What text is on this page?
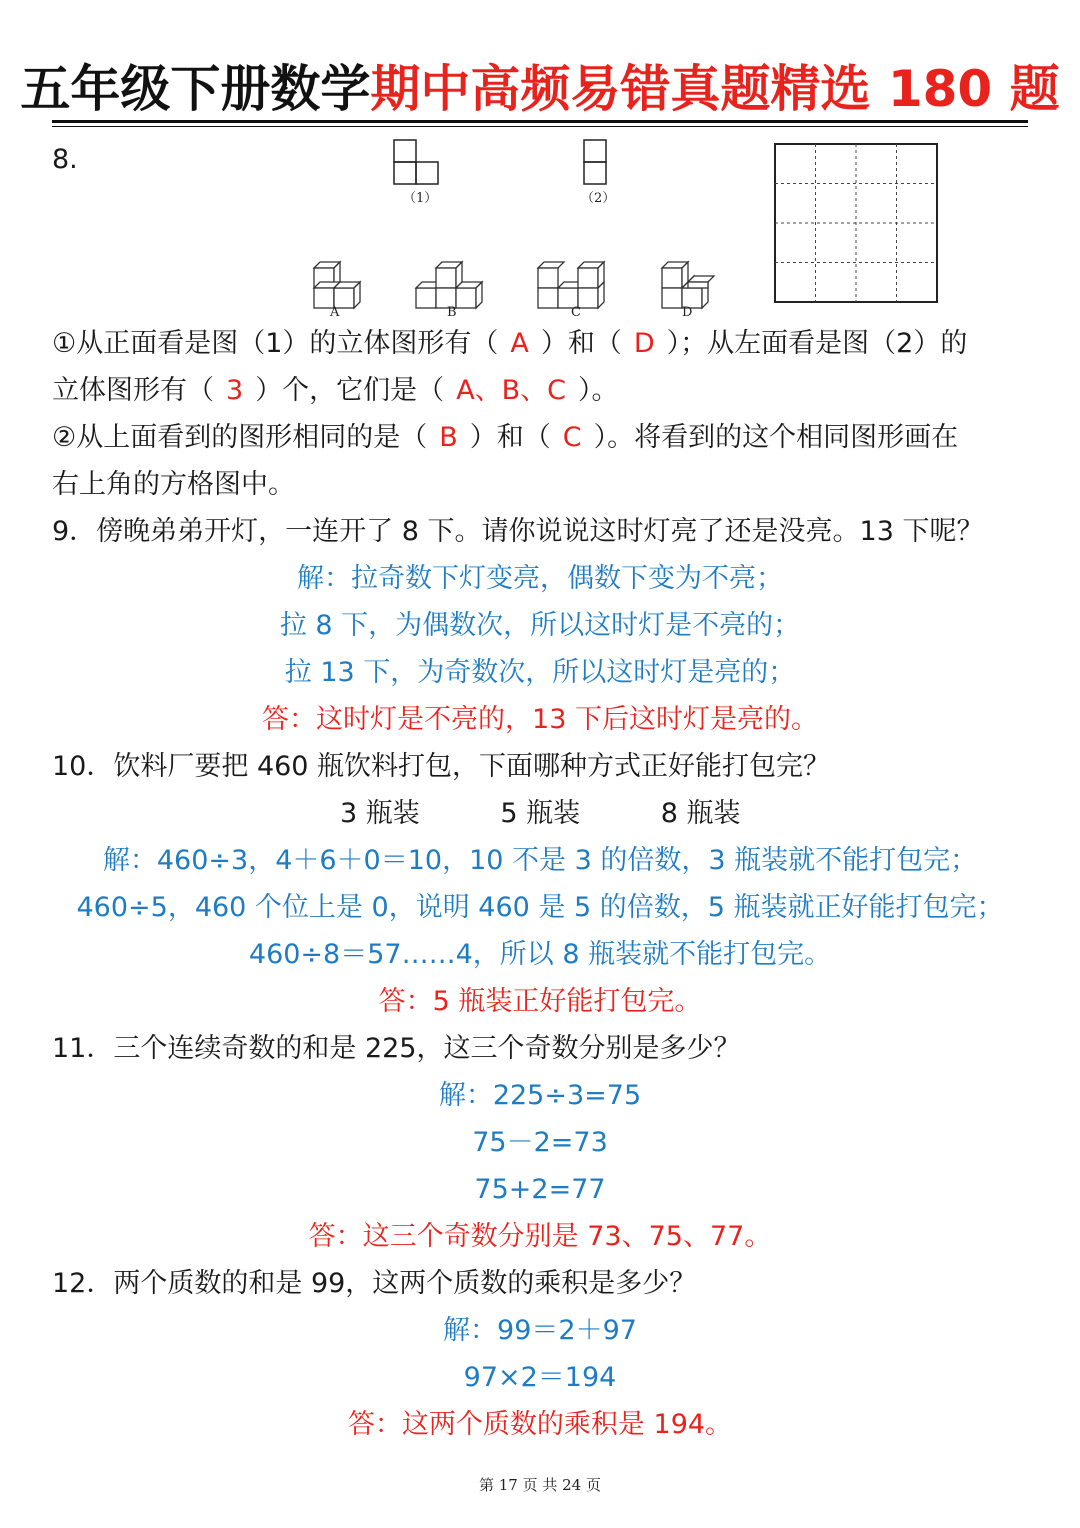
五年级下册数学期中高频易错真题精选 180 题
8.
（1）	（2）
A	B	C	D
①从正面看是图（1）的立体图形有（ A ）和（ D ）；从左面看是图（2）的
立体图形有（ 3 ）个，它们是（ A、B、C ）。
②从上面看到的图形相同的是（ B ）和（ C ）。将看到的这个相同图形画在
右上角的方格图中。
9．傍晚弟弟开灯，一连开了 8 下。请你说说这时灯亮了还是没亮。13 下呢？
解：拉奇数下灯变亮，偶数下变为不亮；
拉 8 下，为偶数次，所以这时灯是不亮的；
拉 13 下，为奇数次，所以这时灯是亮的；
答：这时灯是不亮的，13 下后这时灯是亮的。
10．饮料厂要把 460 瓶饮料打包，下面哪种方式正好能打包完？
3 瓶装	5 瓶装	8 瓶装
解：460÷3，4＋6＋0＝10，10 不是 3 的倍数，3 瓶装就不能打包完；
460÷5，460 个位上是 0，说明 460 是 5 的倍数，5 瓶装就正好能打包完；
460÷8＝57……4，所以 8 瓶装就不能打包完。
答：5 瓶装正好能打包完。
11．三个连续奇数的和是 225，这三个奇数分别是多少？
解：225÷3=75
75－2=73
75+2=77
答：这三个奇数分别是 73、75、77。
12．两个质数的和是 99，这两个质数的乘积是多少？
解：99＝2＋97
97×2＝194
答：这两个质数的乘积是 194。
第 17 页 共 24 页
